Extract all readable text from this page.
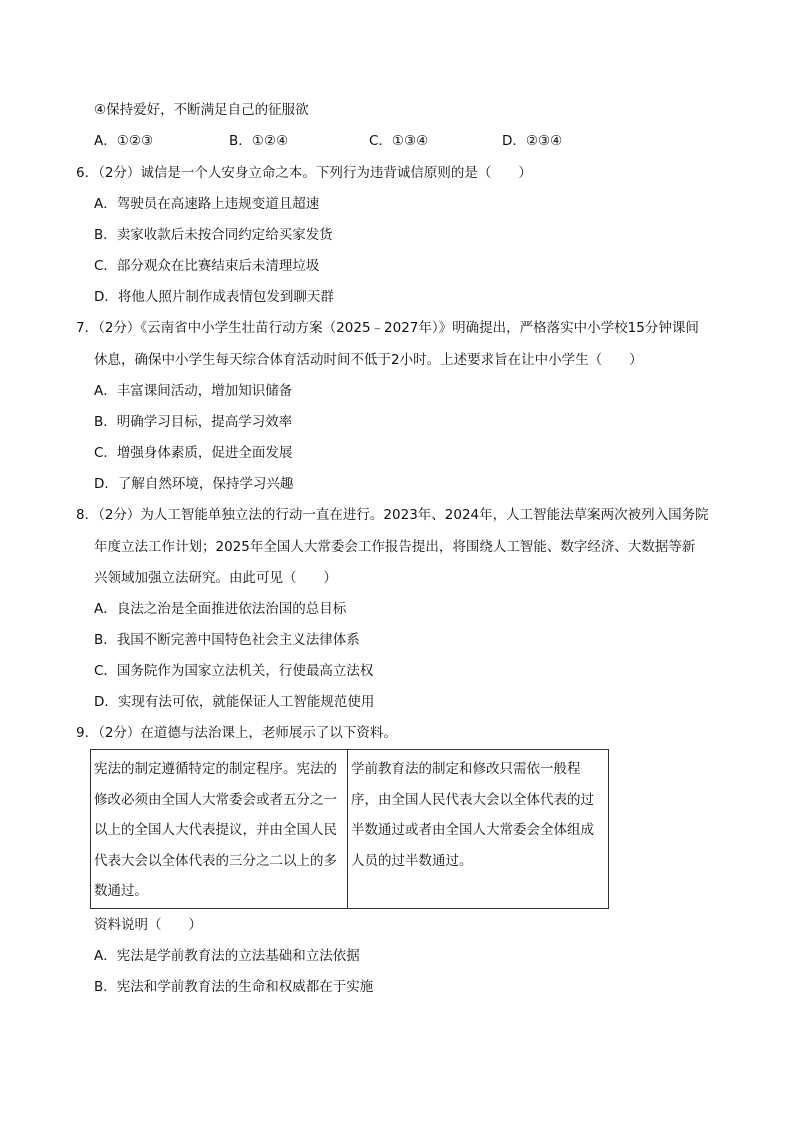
④保持爱好，不断满足自己的征服欲
A．①②③	B．①②④	C．①③④	D．②③④
6．（2分）诚信是一个人安身立命之本。下列行为违背诚信原则的是（　　）
A．驾驶员在高速路上违规变道且超速
B．卖家收款后未按合同约定给买家发货
C．部分观众在比赛结束后未清理垃圾
D．将他人照片制作成表情包发到聊天群
7．（2分）《云南省中小学生壮苗行动方案（2025﹣2027年）》明确提出，严格落实中小学校15分钟课间
休息，确保中小学生每天综合体育活动时间不低于2小时。上述要求旨在让中小学生（　　）
A．丰富课间活动，增加知识储备
B．明确学习目标，提高学习效率
C．增强身体素质，促进全面发展
D．了解自然环境，保持学习兴趣
8．（2分）为人工智能单独立法的行动一直在进行。2023年、2024年，人工智能法草案两次被列入国务院
年度立法工作计划；2025年全国人大常委会工作报告提出，将围绕人工智能、数字经济、大数据等新
兴领域加强立法研究。由此可见（　　）
A．良法之治是全面推进依法治国的总目标
B．我国不断完善中国特色社会主义法律体系
C．国务院作为国家立法机关，行使最高立法权
D．实现有法可依，就能保证人工智能规范使用
9．（2分）在道德与法治课上，老师展示了以下资料。
宪法的制定遵循特定的制定程序。宪法的修改必须由全国人大常委会或者五分之一以上的全国人大代表提议，并由全国人民代表大会以全体代表的三分之二以上的多数通过。	学前教育法的制定和修改只需依一般程序，由全国人民代表大会以全体代表的过半数通过或者由全国人大常委会全体组成人员的过半数通过。
资料说明（　　）
A．宪法是学前教育法的立法基础和立法依据
B．宪法和学前教育法的生命和权威都在于实施
